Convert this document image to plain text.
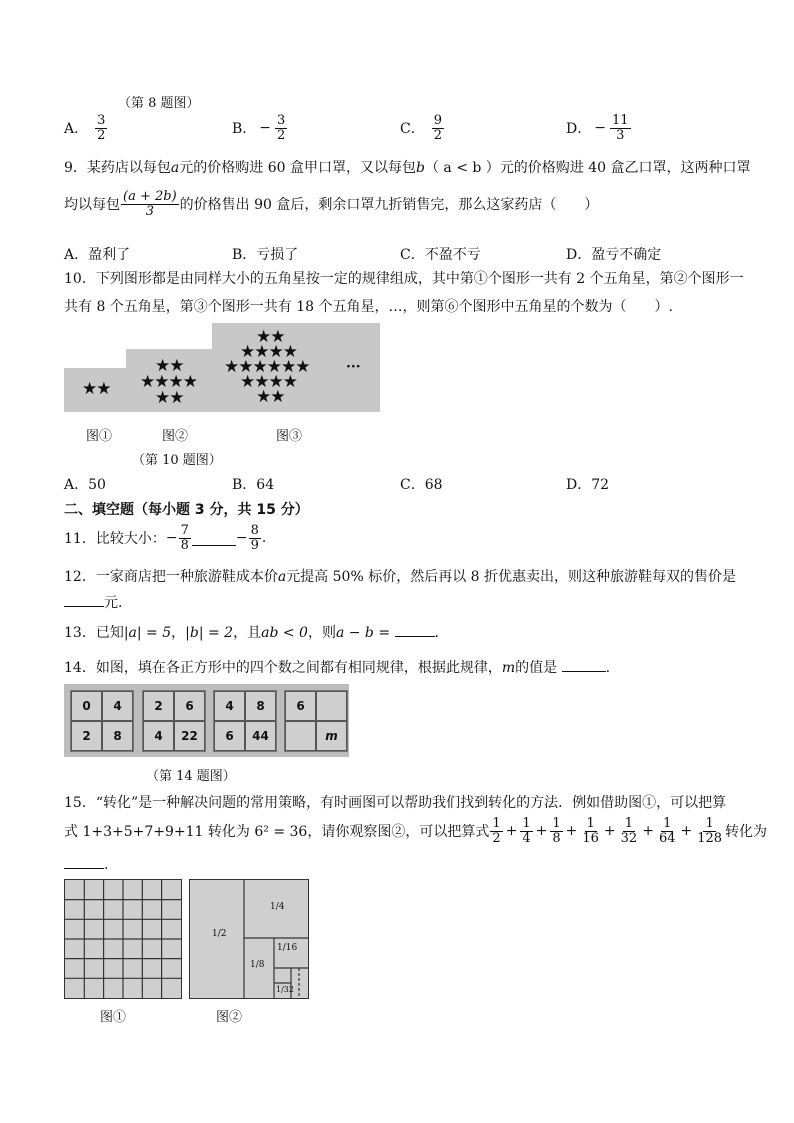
（第 8 题图）
A． $\frac{3}{2}$	B． − $\frac{3}{2}$	C． $\frac{9}{2}$	D． − $\frac{11}{3}$
9．某药店以每包a元的价格购进 60 盒甲口罩，又以每包b（ a < b ）元的价格购进 40 盒乙口罩，这两种口罩
均以每包 $\frac{(a + 2b)}{3}$ 的价格售出 90 盒后，剩余口罩九折销售完，那么这家药店（　　）
A．盈利了	B．亏损了	C．不盈不亏	D．盈亏不确定
10．下列图形都是由同样大小的五角星按一定的规律组成，其中第①个图形一共有 2 个五角星，第②个图形一
共有 8 个五角星，第③个图形一共有 18 个五角星，…，则第⑥个图形中五角星的个数为（　　）.
★★
★★
★★★★
★★
★★
★★★★
★★★★★★
★★★★
★★
···
图①	图②	图③
（第 10 题图）
A．50	B．64	C．68	D．72
二、填空题（每小题 3 分，共 15 分）
11．比较大小： − $\frac{7}{8}$	− $\frac{8}{9}$ .
12．一家商店把一种旅游鞋成本价a元提高 50% 标价，然后再以 8 折优惠卖出，则这种旅游鞋每双的售价是
元.
13．已知|a| = 5，|b| = 2，且ab < 0，则a − b =	.
14．如图，填在各正方形中的四个数之间都有相同规律，根据此规律，m的值是	.
0	4
2	8
2	6
4	22
4	8
6	44
6
m
（第 14 题图）
15．“转化”是一种解决问题的常用策略，有时画图可以帮助我们找到转化的方法．例如借助图①，可以把算
式 1+3+5+7+9+11 转化为 6² = 36，请你观察图②，可以把算式 $\frac{1}{2} + \frac{1}{4} + \frac{1}{8} + \frac{1}{16} + \frac{1}{32} + \frac{1}{64} + \frac{1}{128}$ 转化为
.
1/2
1/4
1/8
1/16
1/32
图①	图②
